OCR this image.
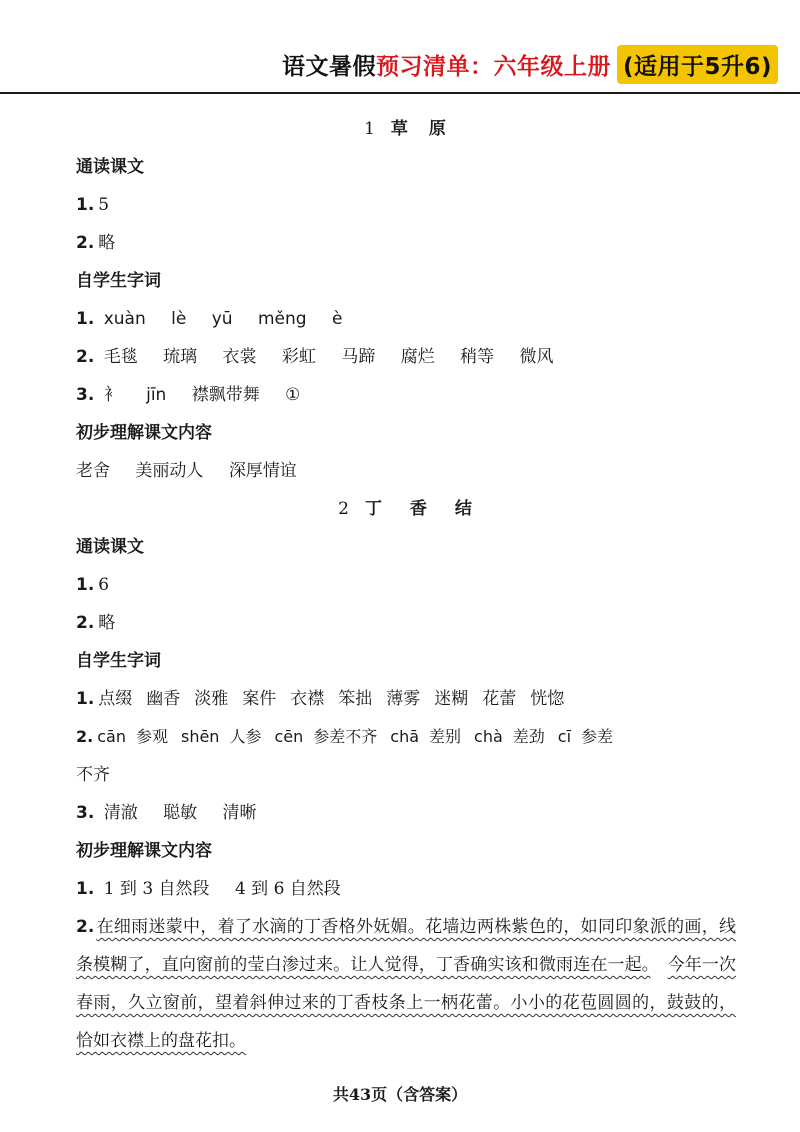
语文暑假 预习清单：六年级上册 (适用于5升6)
1 草　原
通读课文
1. 5
2. 略
自学生字词
1. xuàn lè yū měng è
2. 毛毯 琉璃 衣裳 彩虹 马蹄 腐烂 稍等 微风
3. 衤 jīn 襟飘带舞 ①
初步理解课文内容
老舍 美丽动人 深厚情谊
2 丁 香 结
通读课文
1. 6
2. 略
自学生字词
1. 点缀 幽香 淡雅 案件 衣襟 笨拙 薄雾 迷糊 花蕾 恍惚
2. cān 参观 shēn 人参 cēn 参差不齐 chā 差别 chà 差劲 cī 参差
不齐
3. 清澈 聪敏 清晰
初步理解课文内容
1. 1 到 3 自然段 4 到 6 自然段

2. 在细雨迷蒙中，着了水滴的丁香格外妩媚。花墙边两株紫色的，如同印象派的画，线条模糊了，直向窗前的莹白渗过来。让人觉得，丁香确实该和微雨连在一起。　 今年一次春雨，久立窗前，望着斜伸过来的丁香枝条上一柄花蕾。小小的花苞圆圆的，鼓鼓的，恰如衣襟上的盘花扣。

共43页（含答案）
